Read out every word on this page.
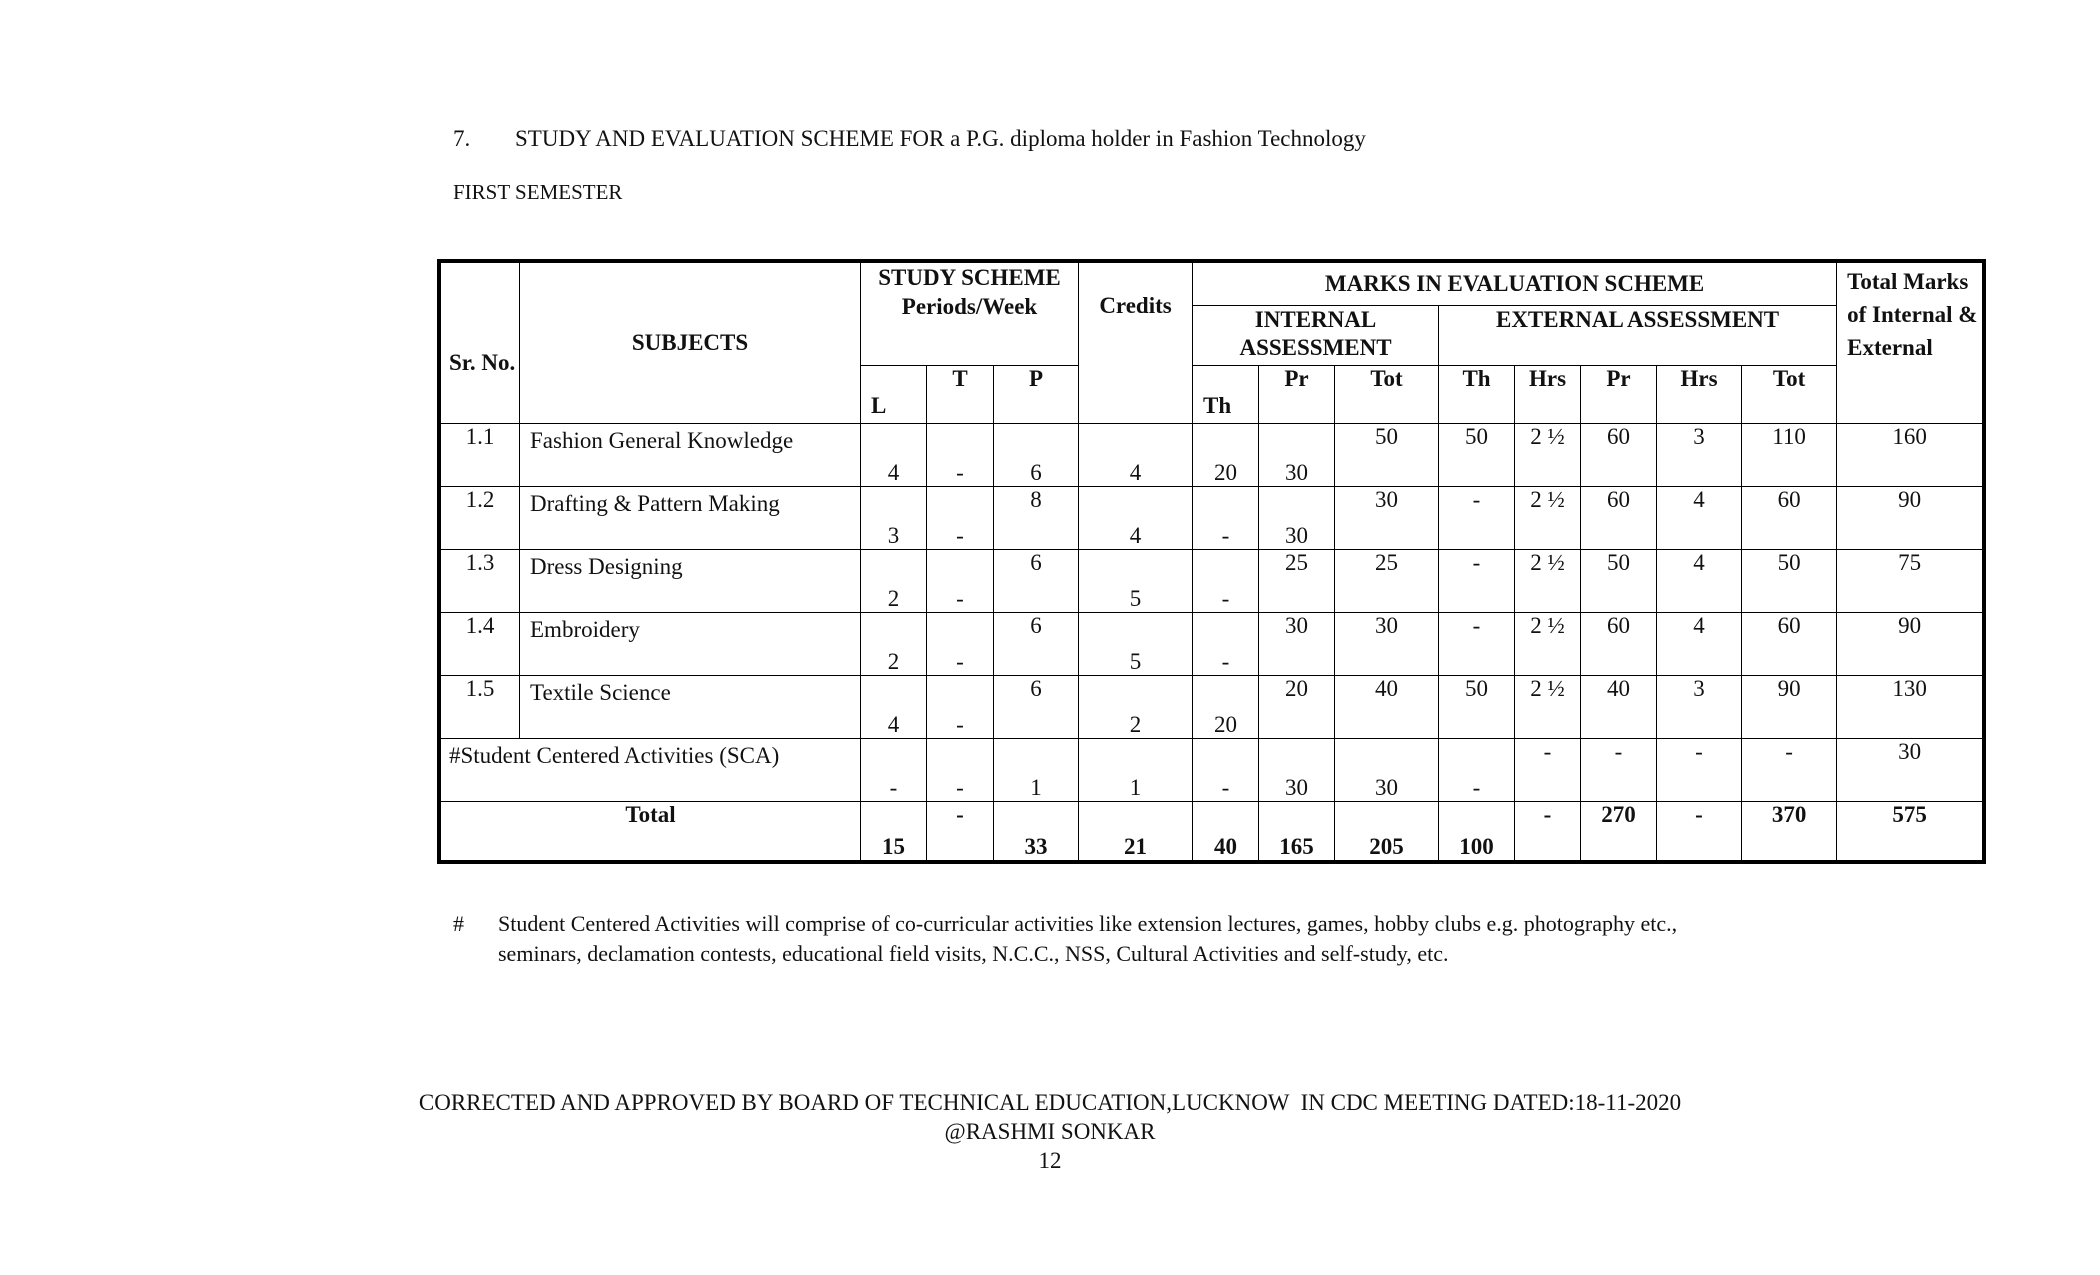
7. STUDY AND EVALUATION SCHEME FOR a P.G. diploma holder in Fashion Technology
FIRST SEMESTER
Sr. No.	SUBJECTS	STUDY SCHEME Periods/Week			Credits	MARKS IN EVALUATION SCHEME								Total Marks of Internal & External
						INTERNAL ASSESSMENT			EXTERNAL ASSESSMENT					
		L	T	P		Th	Pr	Tot	Th	Hrs	Pr	Hrs	Tot	
1.1	Fashion General Knowledge	4	-	6	4	20	30	50	50	2 ½	60	3	110	160
1.2	Drafting & Pattern Making	3	-	8	4	-	30	30	-	2 ½	60	4	60	90
1.3	Dress Designing	2	-	6	5	-	25	25	-	2 ½	50	4	50	75
1.4	Embroidery	2	-	6	5	-	30	30	-	2 ½	60	4	60	90
1.5	Textile Science	4	-	6	2	20	20	40	50	2 ½	40	3	90	130
#Student Centered Activities (SCA)		-	-	1	1	-	30	30	-	-	-	-	-	30
Total		15	-	33	21	40	165	205	100	-	270	-	370	575
# Student Centered Activities will comprise of co-curricular activities like extension lectures, games, hobby clubs e.g. photography etc.,
seminars, declamation contests, educational field visits, N.C.C., NSS, Cultural Activities and self-study, etc.
CORRECTED AND APPROVED BY BOARD OF TECHNICAL EDUCATION,LUCKNOW  IN CDC MEETING DATED:18-11-2020
@RASHMI SONKAR
12
